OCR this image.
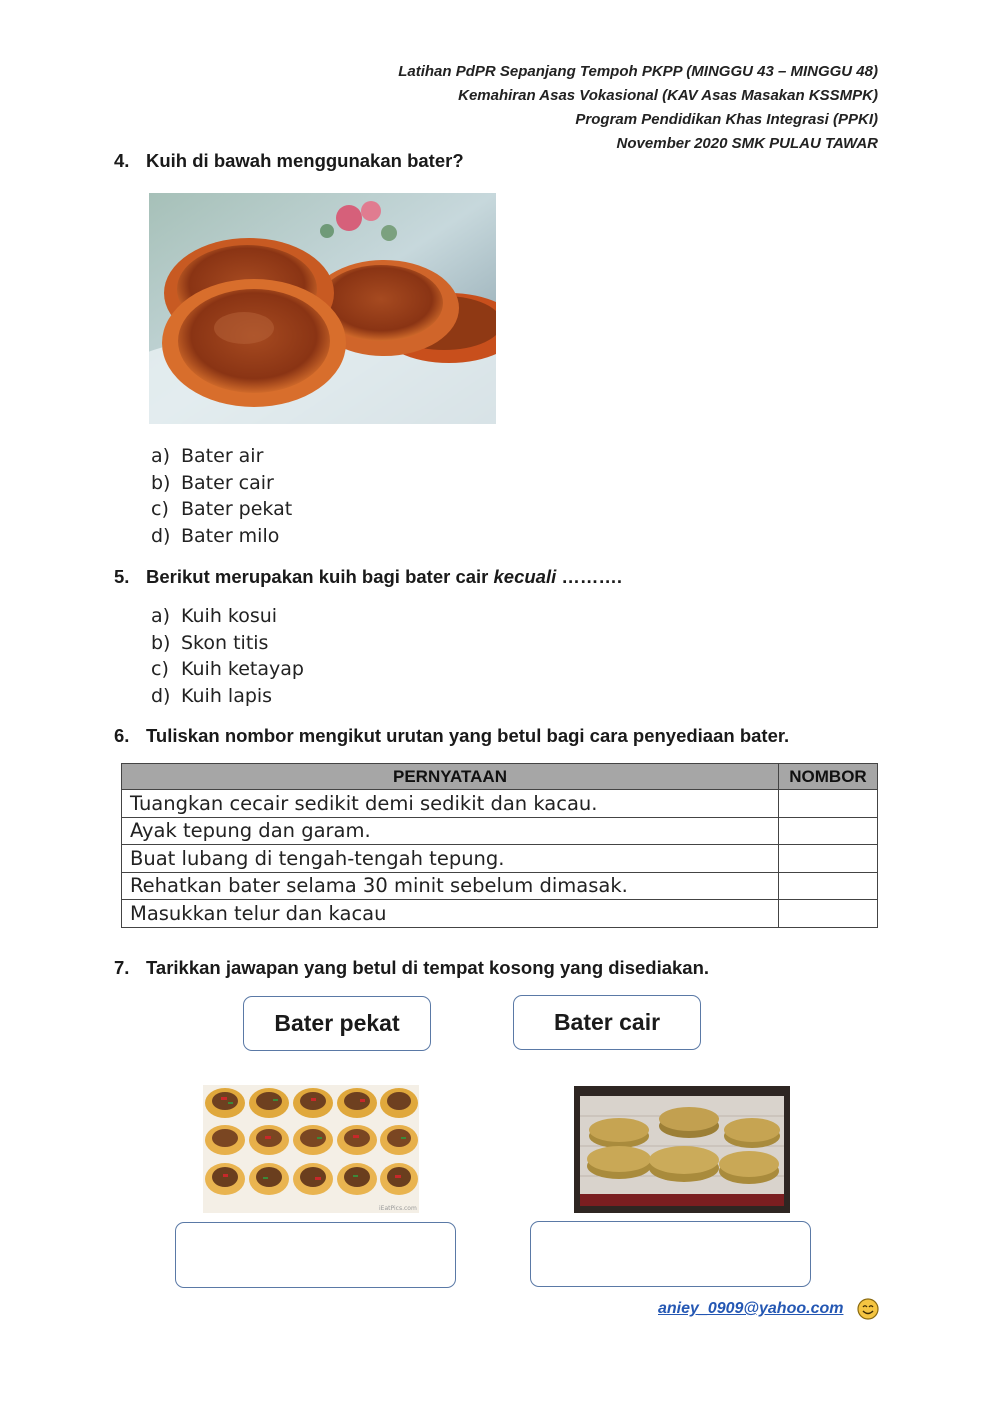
Latihan PdPR Sepanjang Tempoh PKPP (MINGGU 43 – MINGGU 48)
Kemahiran Asas Vokasional (KAV Asas Masakan KSSMPK)
Program Pendidikan Khas Integrasi (PPKI)
November 2020 SMK PULAU TAWAR
4. Kuih di bawah menggunakan bater?
a) Bater air
b) Bater cair
c) Bater pekat
d) Bater milo
5. Berikut merupakan kuih bagi bater cair kecuali ……….
a) Kuih kosui
b) Skon titis
c) Kuih ketayap
d) Kuih lapis
6. Tuliskan nombor mengikut urutan yang betul bagi cara penyediaan bater.
PERNYATAAN	NOMBOR
Tuangkan cecair sedikit demi sedikit dan kacau.	
Ayak tepung dan garam.	
Buat lubang di tengah-tengah tepung.	
Rehatkan bater selama 30 minit sebelum dimasak.	
Masukkan telur dan kacau	
7. Tarikkan jawapan yang betul di tempat kosong yang disediakan.
Bater pekat	Bater cair
iEatPics.com
aniey_0909@yahoo.com
